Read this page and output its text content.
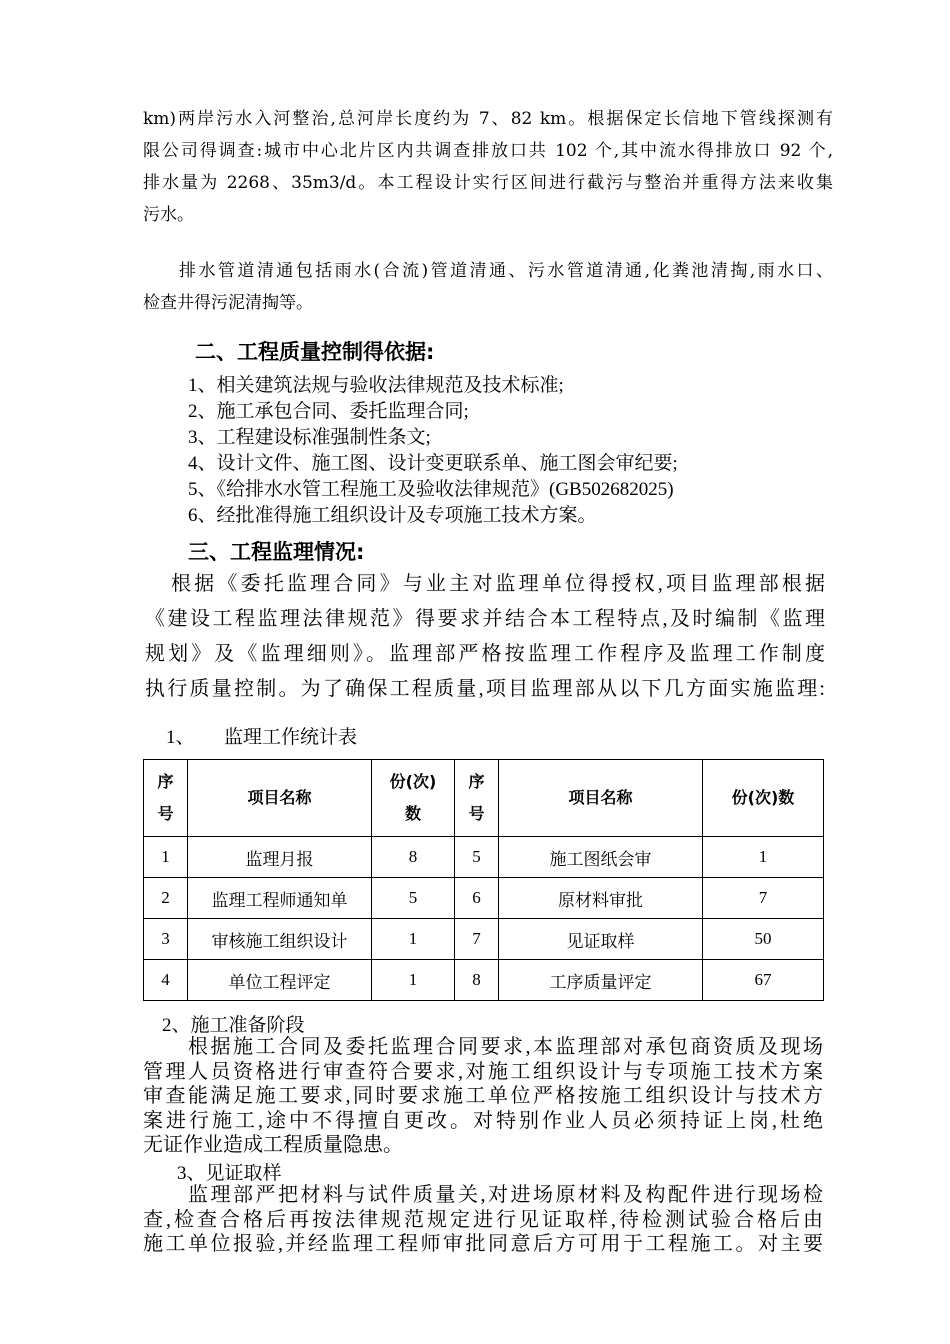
km)两岸污水入河整治,总河岸长度约为 7、82 km。根据保定长信地下管线探测有
限公司得调查:城市中心北片区内共调查排放口共 102 个,其中流水得排放口 92 个,
排水量为 2268、35m3/d。本工程设计实行区间进行截污与整治并重得方法来收集
污水。
排水管道清通包括雨水(合流)管道清通、污水管道清通,化粪池清掏,雨水口、
检查井得污泥清掏等。
二、工程质量控制得依据:
1、相关建筑法规与验收法律规范及技术标准;
2、施工承包合同、委托监理合同;
3、工程建设标准强制性条文;
4、设计文件、施工图、设计变更联系单、施工图会审纪要;
5、《给排水水管工程施工及验收法律规范》(GB502682025)
6、经批准得施工组织设计及专项施工技术方案。
三、工程监理情况:
根据《委托监理合同》与业主对监理单位得授权,项目监理部根据
《建设工程监理法律规范》得要求并结合本工程特点,及时编制《监理
规划》及《监理细则》。监理部严格按监理工作程序及监理工作制度
执行质量控制。为了确保工程质量,项目监理部从以下几方面实施监理:

1、 监理工作统计表

序号	项目名称	份(次)数	序号	项目名称	份(次)数
1	监理月报	8	5	施工图纸会审	1
2	监理工程师通知单	5	6	原材料审批	7
3	审核施工组织设计	1	7	见证取样	50
4	单位工程评定	1	8	工序质量评定	67

2、施工准备阶段

根据施工合同及委托监理合同要求,本监理部对承包商资质及现场
管理人员资格进行审查符合要求,对施工组织设计与专项施工技术方案
审查能满足施工要求,同时要求施工单位严格按施工组织设计与技术方
案进行施工,途中不得擅自更改。对特别作业人员必须持证上岗,杜绝
无证作业造成工程质量隐患。

3、见证取样

监理部严把材料与试件质量关,对进场原材料及构配件进行现场检
查,检查合格后再按法律规范规定进行见证取样,待检测试验合格后由
施工单位报验,并经监理工程师审批同意后方可用于工程施工。对主要
